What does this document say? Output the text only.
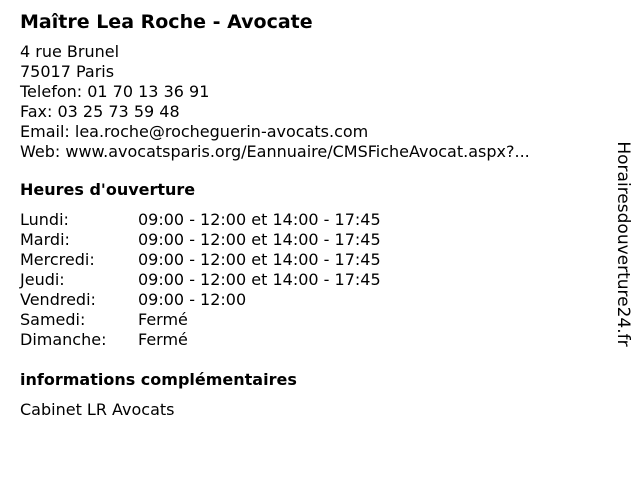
Maître Lea Roche - Avocate
4 rue Brunel
75017 Paris
Telefon: 01 70 13 36 91
Fax: 03 25 73 59 48
Email: lea.roche@rocheguerin-avocats.com
Web: www.avocatsparis.org/Eannuaire/CMSFicheAvocat.aspx?...
Heures d'ouverture
Lundi:	09:00 - 12:00 et 14:00 - 17:45
Mardi:	09:00 - 12:00 et 14:00 - 17:45
Mercredi:	09:00 - 12:00 et 14:00 - 17:45
Jeudi:	09:00 - 12:00 et 14:00 - 17:45
Vendredi:	09:00 - 12:00
Samedi:	Fermé
Dimanche:	Fermé
informations complémentaires
Cabinet LR Avocats
Horairesdouverture24.fr
